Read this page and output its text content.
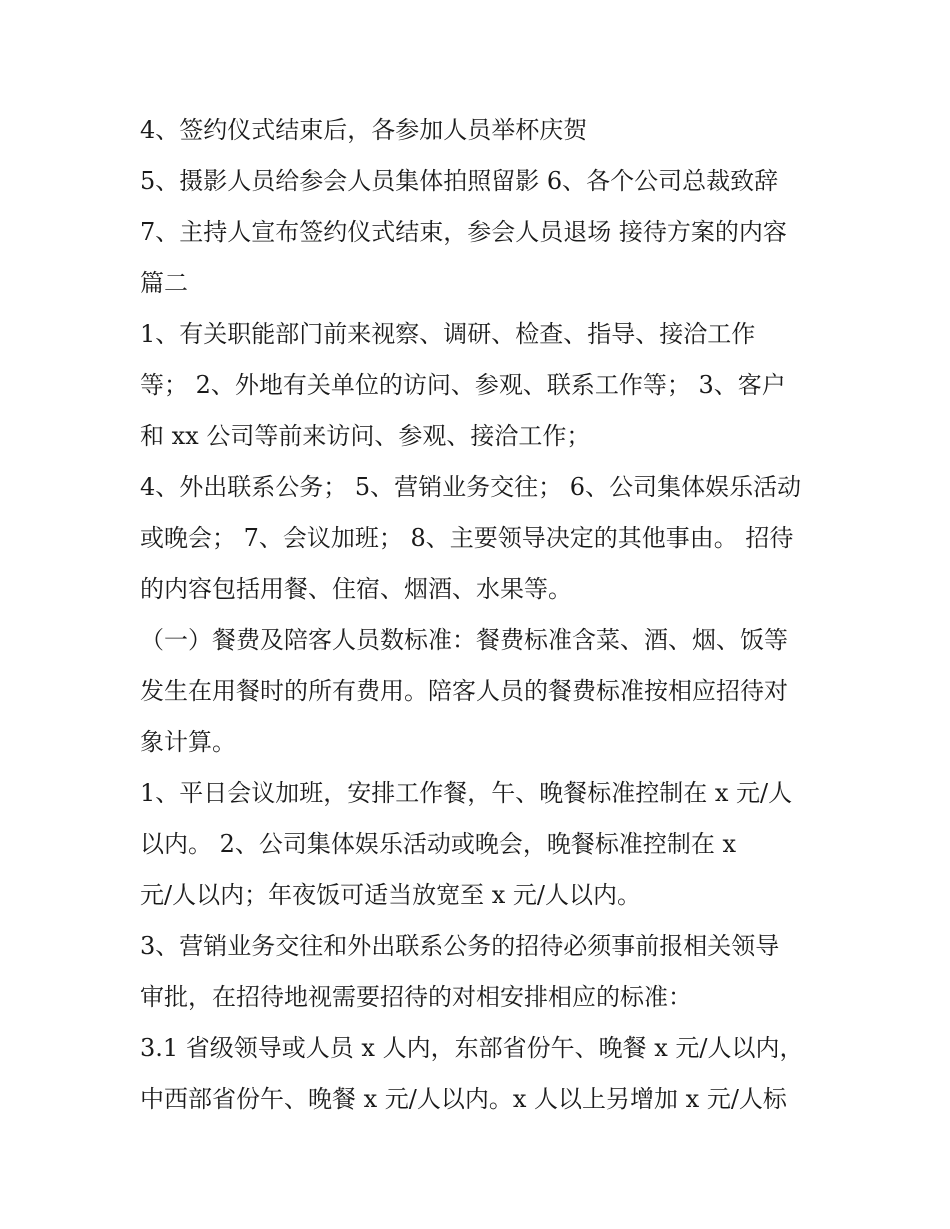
4、签约仪式结束后，各参加人员举杯庆贺
5、摄影人员给参会人员集体拍照留影 6、各个公司总裁致辞
7、主持人宣布签约仪式结束，参会人员退场 接待方案的内容
篇二
1、有关职能部门前来视察、调研、检查、指导、接洽工作
等； 2、外地有关单位的访问、参观、联系工作等； 3、客户
和 xx 公司等前来访问、参观、接洽工作；
4、外出联系公务； 5、营销业务交往； 6、公司集体娱乐活动
或晚会； 7、会议加班； 8、主要领导决定的其他事由。 招待
的内容包括用餐、住宿、烟酒、水果等。
（一）餐费及陪客人员数标准：餐费标准含菜、酒、烟、饭等
发生在用餐时的所有费用。陪客人员的餐费标准按相应招待对
象计算。
1、平日会议加班，安排工作餐，午、晚餐标准控制在 x 元/人
以内。 2、公司集体娱乐活动或晚会，晚餐标准控制在 x
元/人以内；年夜饭可适当放宽至 x 元/人以内。
3、营销业务交往和外出联系公务的招待必须事前报相关领导
审批，在招待地视需要招待的对相安排相应的标准：
3.1 省级领导或人员 x 人内，东部省份午、晚餐 x 元/人以内，
中西部省份午、晚餐 x 元/人以内。x 人以上另增加 x 元/人标
